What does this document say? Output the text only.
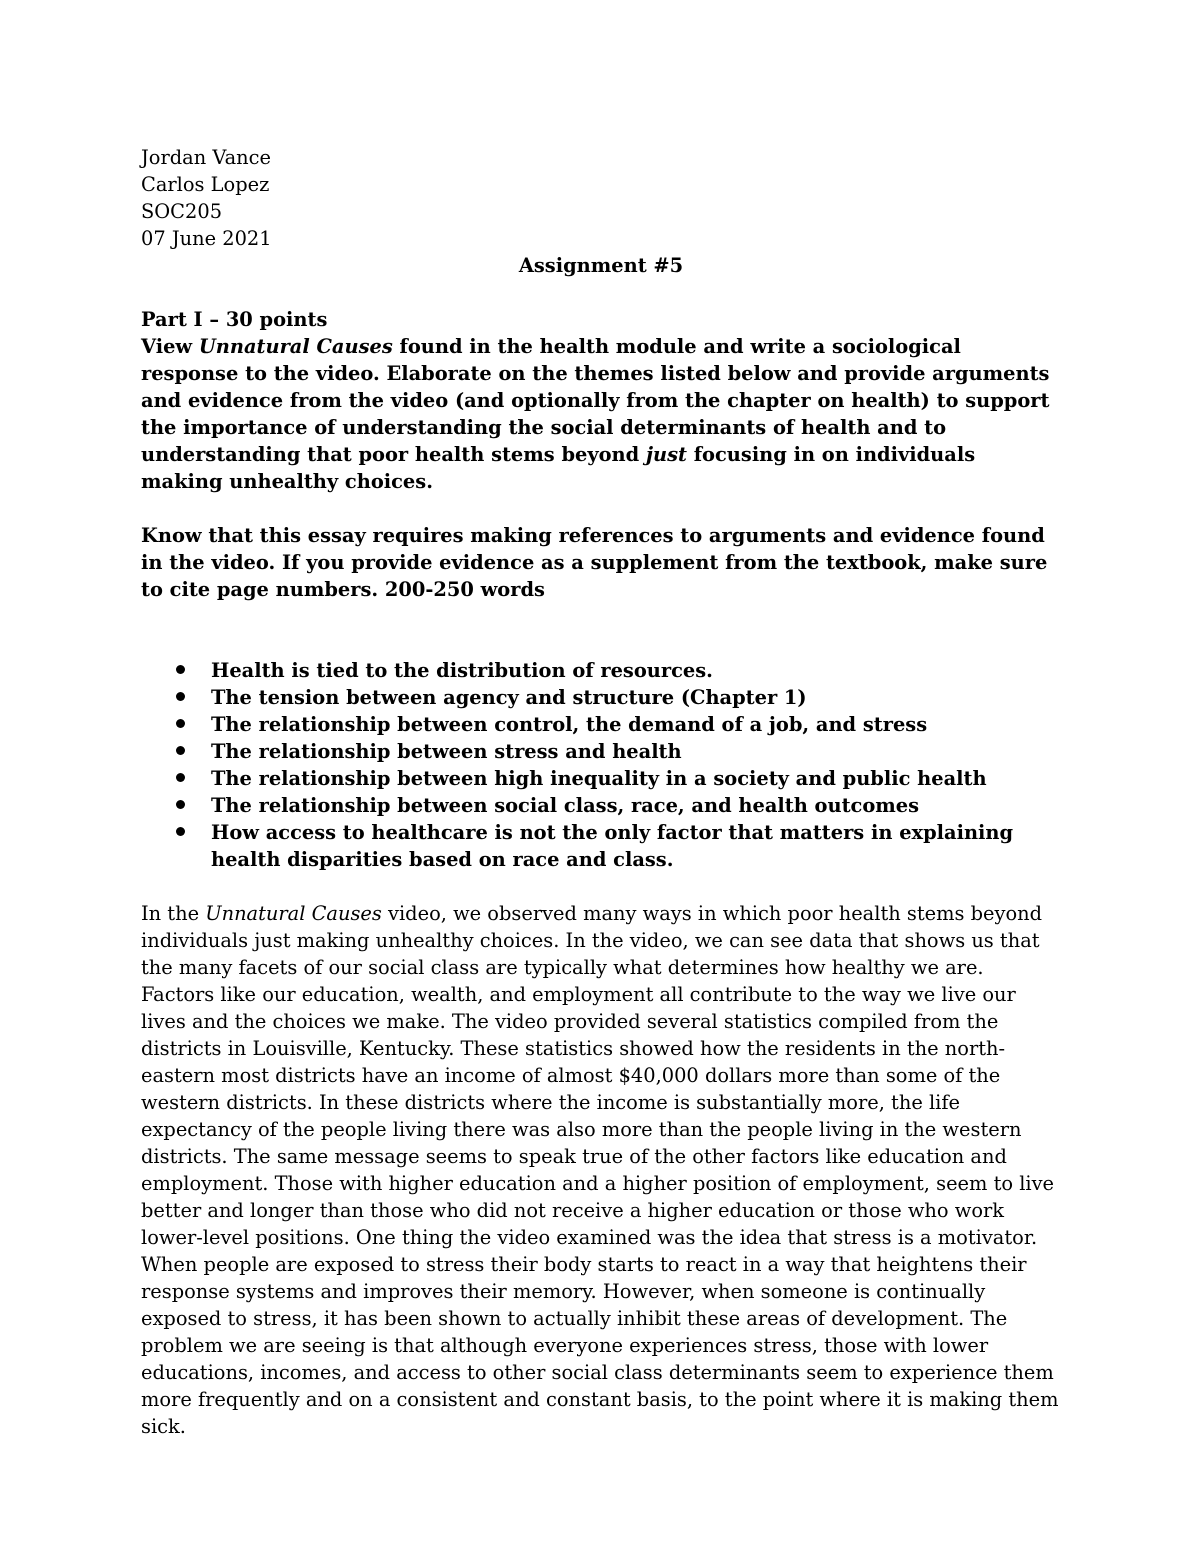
Jordan Vance
Carlos Lopez
SOC205
07 June 2021
Assignment #5
Part I – 30 points

View Unnatural Causes found in the health module and write a sociological response to the video. Elaborate on the themes listed below and provide arguments and evidence from the video (and optionally from the chapter on health) to support the importance of understanding the social determinants of health and to understanding that poor health stems beyond just focusing in on individuals making unhealthy choices.

Know that this essay requires making references to arguments and evidence found in the video. If you provide evidence as a supplement from the textbook, make sure to cite page numbers. 200-250 words

Health is tied to the distribution of resources.
The tension between agency and structure (Chapter 1)
The relationship between control, the demand of a job, and stress
The relationship between stress and health
The relationship between high inequality in a society and public health
The relationship between social class, race, and health outcomes
How access to healthcare is not the only factor that matters in explaining health disparities based on race and class.

In the Unnatural Causes video, we observed many ways in which poor health stems beyond individuals just making unhealthy choices. In the video, we can see data that shows us that the many facets of our social class are typically what determines how healthy we are. Factors like our education, wealth, and employment all contribute to the way we live our lives and the choices we make. The video provided several statistics compiled from the districts in Louisville, Kentucky. These statistics showed how the residents in the north-eastern most districts have an income of almost $40,000 dollars more than some of the western districts. In these districts where the income is substantially more, the life expectancy of the people living there was also more than the people living in the western districts. The same message seems to speak true of the other factors like education and employment. Those with higher education and a higher position of employment, seem to live better and longer than those who did not receive a higher education or those who work lower-level positions. One thing the video examined was the idea that stress is a motivator. When people are exposed to stress their body starts to react in a way that heightens their response systems and improves their memory. However, when someone is continually exposed to stress, it has been shown to actually inhibit these areas of development. The problem we are seeing is that although everyone experiences stress, those with lower educations, incomes, and access to other social class determinants seem to experience them more frequently and on a consistent and constant basis, to the point where it is making them sick.
